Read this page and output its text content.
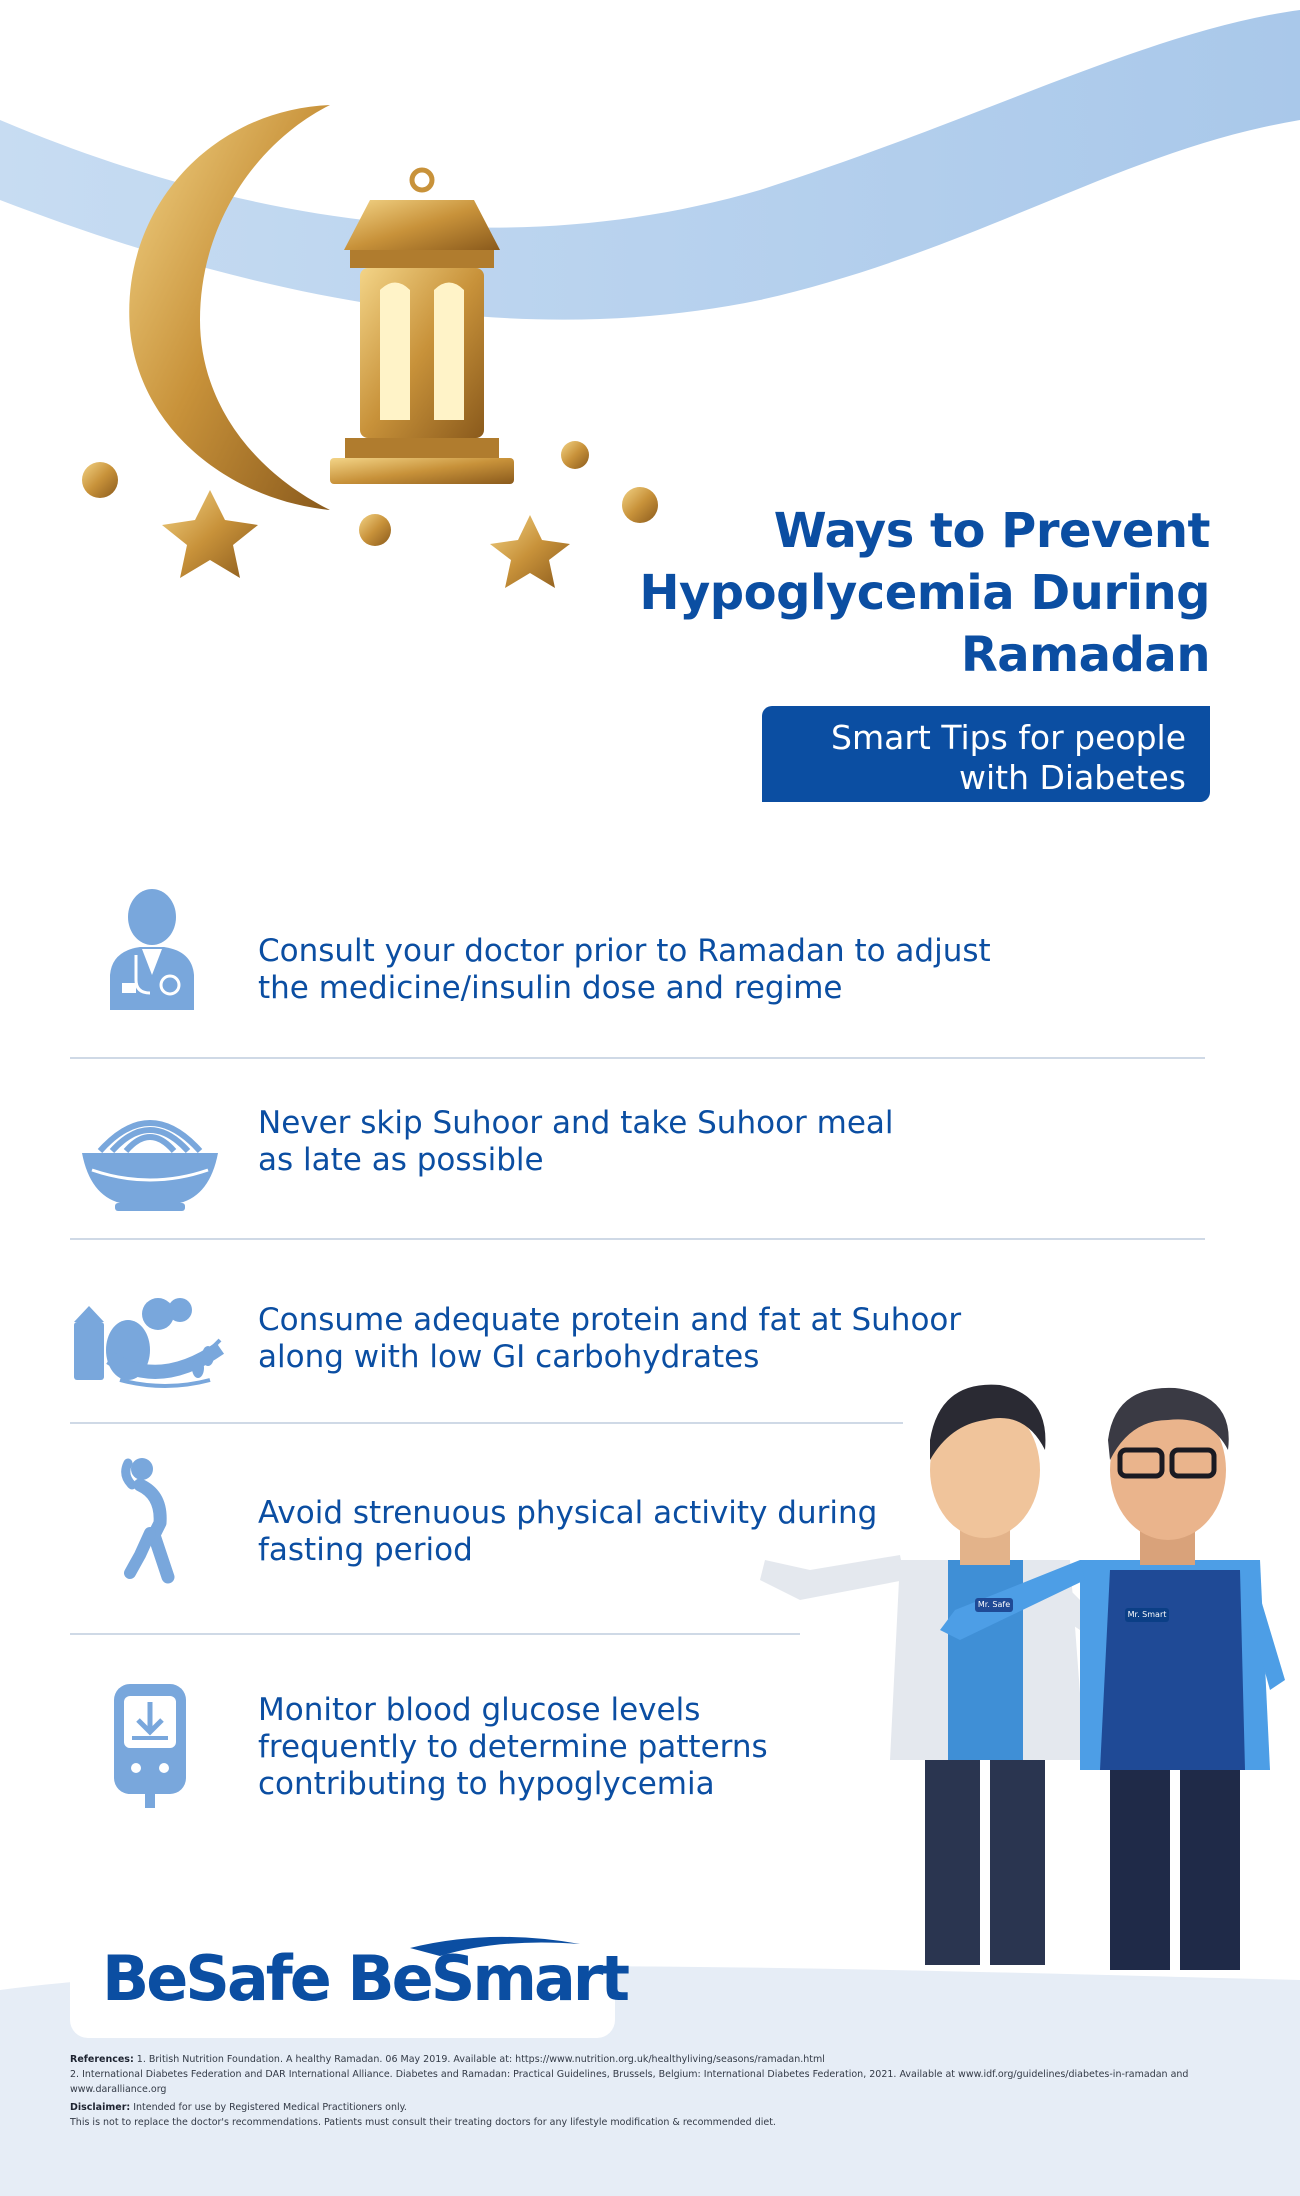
Mr. Safe
Mr. Smart
Ways to Prevent
Hypoglycemia During
Ramadan
Smart Tips for people
with Diabetes
Consult your doctor prior to Ramadan to adjust
the medicine/insulin dose and regime
Never skip Suhoor and take Suhoor meal
as late as possible
Consume adequate protein and fat at Suhoor
along with low GI carbohydrates
Avoid strenuous physical activity during
fasting period
Monitor blood glucose levels
frequently to determine patterns
contributing to hypoglycemia
BeSafe BeSmart

References: 1. British Nutrition Foundation. A healthy Ramadan. 06 May 2019. Available at: https://www.nutrition.org.uk/healthyliving/seasons/ramadan.html
2. International Diabetes Federation and DAR International Alliance. Diabetes and Ramadan: Practical Guidelines, Brussels, Belgium: International Diabetes Federation, 2021. Available at www.idf.org/guidelines/diabetes-in-ramadan and www.daralliance.org

Disclaimer: Intended for use by Registered Medical Practitioners only.
This is not to replace the doctor's recommendations. Patients must consult their treating doctors for any lifestyle modification & recommended diet.
